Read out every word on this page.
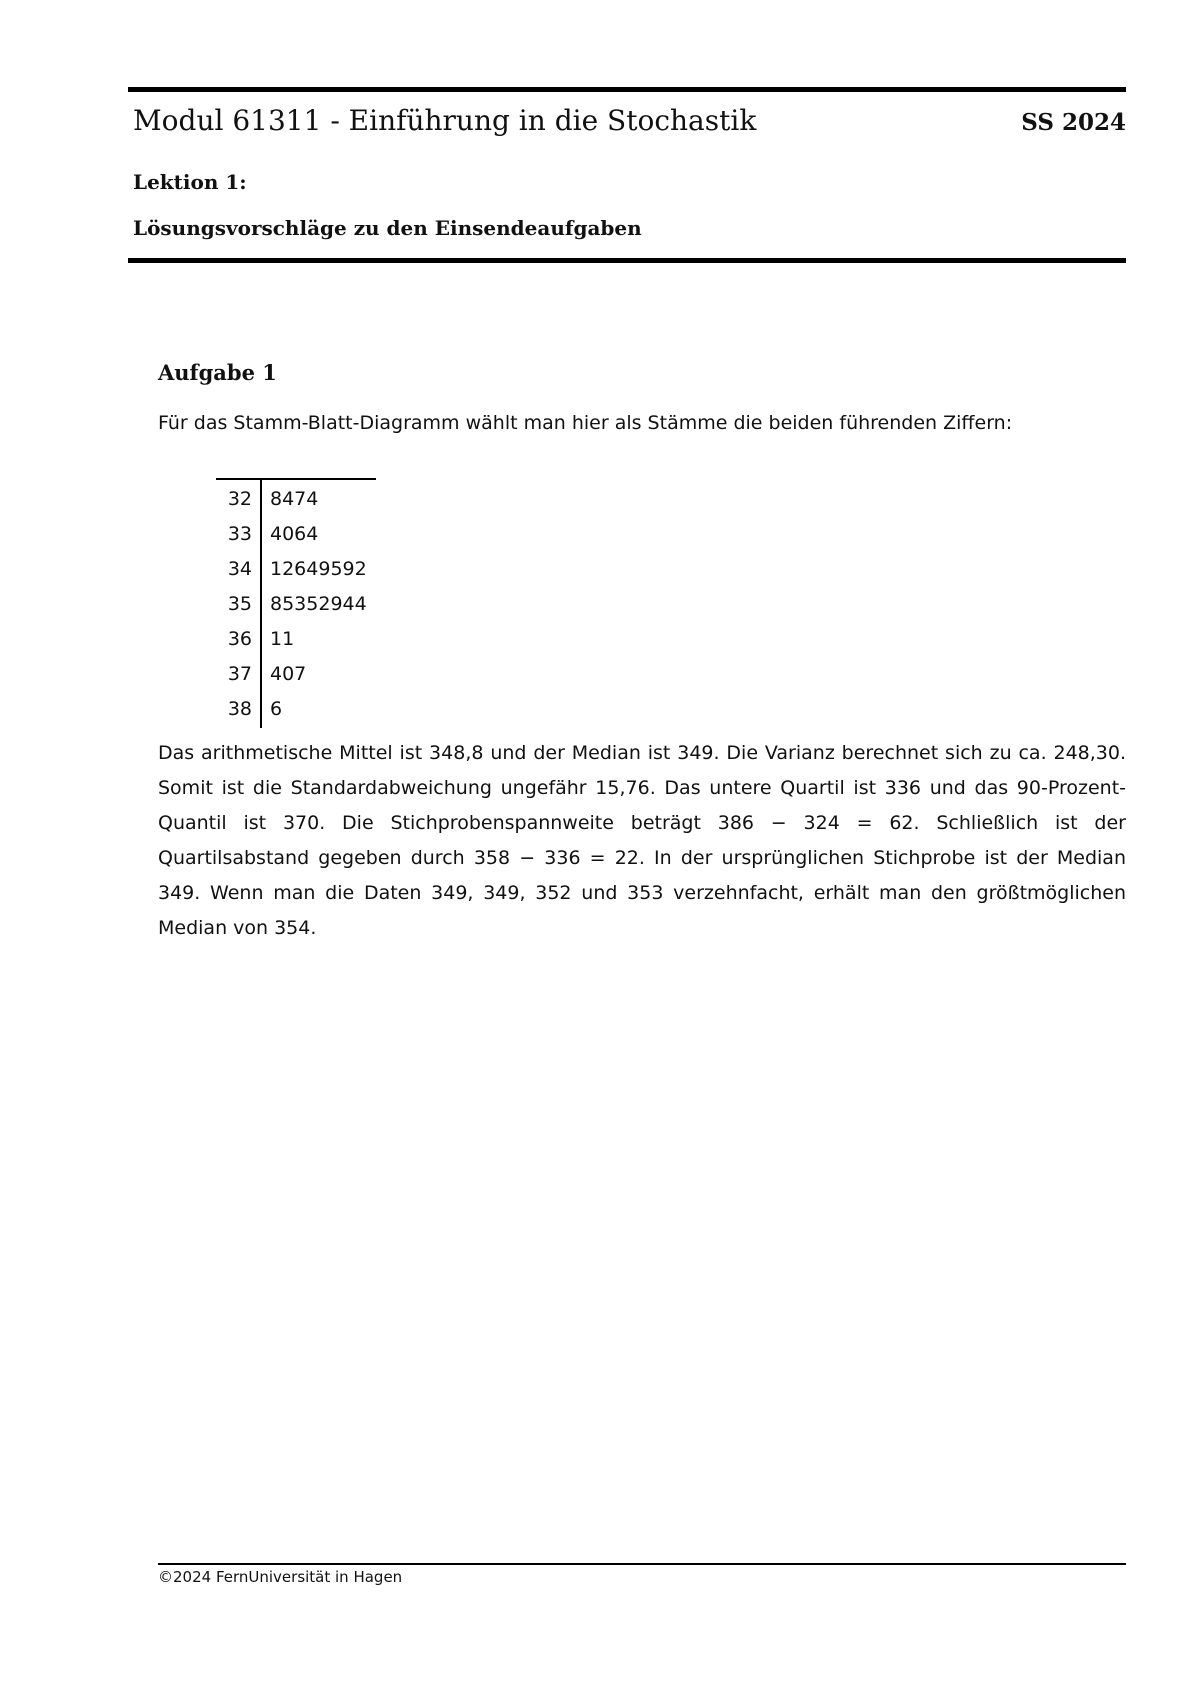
Modul 61311 - Einführung in die Stochastik	SS 2024
Lektion 1:
Lösungsvorschläge zu den Einsendeaufgaben
Aufgabe 1
Für das Stamm-Blatt-Diagramm wählt man hier als Stämme die beiden führenden Ziffern:
32 8474
33 4064
34 12649592
35 85352944
36 11
37 407
38 6
Das arithmetische Mittel ist 348,8 und der Median ist 349. Die Varianz berechnet sich zu ca. 248,30. Somit ist die Standardabweichung ungefähr 15,76. Das untere Quartil ist 336 und das 90-Prozent-Quantil ist 370. Die Stichprobenspannweite beträgt 386 − 324 = 62. Schließlich ist der Quartilsabstand gegeben durch 358 − 336 = 22. In der ursprünglichen Stichprobe ist der Median 349. Wenn man die Daten 349, 349, 352 und 353 verzehnfacht, erhält man den größtmöglichen Median von 354.
©2024 FernUniversität in Hagen
